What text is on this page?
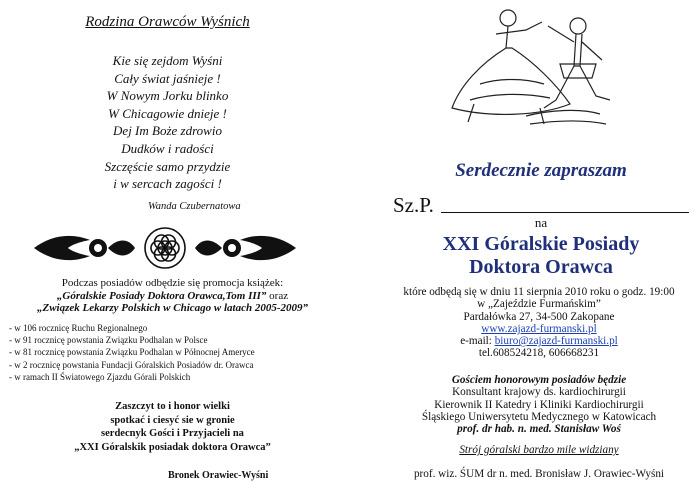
Rodzina Orawców Wyśnich
Kie się zejdom Wyśni
Cały świat jaśnieje !
W Nowym Jorku blinko
W Chicagowie dnieje !
Dej Im Boże zdrowio
Dudków i radości
Szczęście samo przydzie
i w sercach zagości !
Wanda Czubernatowa
Podczas posiadów odbędzie się promocja książek:
„Góralskie Posiady Doktora Orawca,Tom III” oraz
„Związek Lekarzy Polskich w Chicago w latach 2005-2009”
- w 106 rocznicę Ruchu Regionalnego
- w 91 rocznicę powstania Związku Podhalan w Polsce
- w 81 rocznicę powstania Związku Podhalan w Północnej Ameryce
- w 2 rocznicę powstania Fundacji Góralskich Posiadów dr. Orawca
- w ramach II Światowego Zjazdu Górali Polskich
Zaszczyt to i honor wielki
spotkać i ciesyć sie w gronie
serdecnyk Gości i Przyjacieli na
„XXI Góralskik posiadak doktora Orawca”
Bronek Orawiec-Wyśni
Serdecznie zapraszam
Sz.P.
na
XXI Góralskie Posiady
Doktora Orawca
które odbędą się w dniu 11 sierpnia 2010 roku o godz. 19:00
w „Zajeździe Furmańskim”
Pardałówka 27, 34-500 Zakopane
www.zajazd-furmanski.pl
e-mail: biuro@zajazd-furmanski.pl
tel.608524218, 606668231
Gościem honorowym posiadów będzie
Konsultant krajowy ds. kardiochirurgii
Kierownik II Katedry i Kliniki Kardiochirurgii
Śląskiego Uniwersytetu Medycznego w Katowicach
prof. dr hab. n. med. Stanisław Woś
Strój góralski bardzo mile widziany
prof. wiz. ŚUM dr n. med. Bronisław J. Orawiec-Wyśni
